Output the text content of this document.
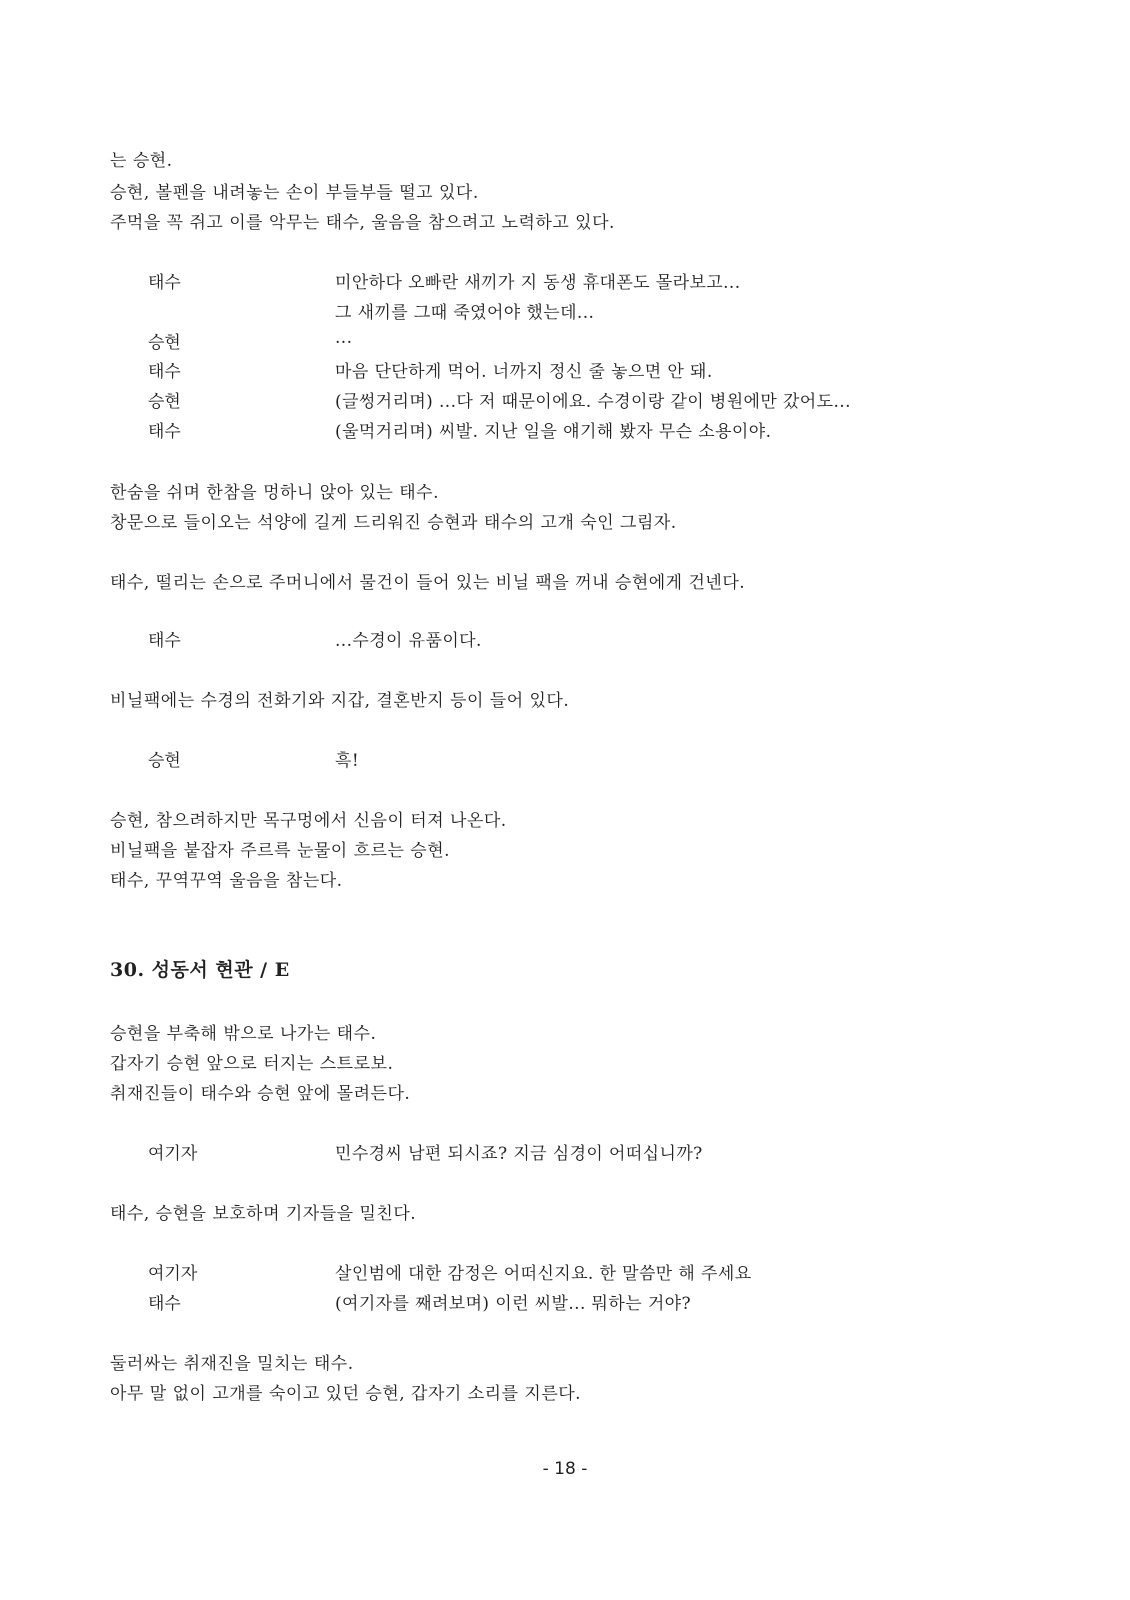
는 승현.
승현, 볼펜을 내려놓는 손이 부들부들 떨고 있다.
주먹을 꼭 쥐고 이를 악무는 태수, 울음을 참으려고 노력하고 있다.
태수	미안하다 오빠란 새끼가 지 동생 휴대폰도 몰라보고...
그 새끼를 그때 죽였어야 했는데...
승현	...
태수	마음 단단하게 먹어. 너까지 정신 줄 놓으면 안 돼.
승현	(글썽거리며) ...다 저 때문이에요. 수경이랑 같이 병원에만 갔어도...
태수	(울먹거리며) 씨발. 지난 일을 얘기해 봤자 무슨 소용이야.
한숨을 쉬며 한참을 멍하니 앉아 있는 태수.
창문으로 들이오는 석양에 길게 드리워진 승현과 태수의 고개 숙인 그림자.
태수, 떨리는 손으로 주머니에서 물건이 들어 있는 비닐 팩을 꺼내 승현에게 건넨다.
태수	...수경이 유품이다.
비닐팩에는 수경의 전화기와 지갑, 결혼반지 등이 들어 있다.
승현	흑!
승현, 참으려하지만 목구멍에서 신음이 터져 나온다.
비닐팩을 붙잡자 주르륵 눈물이 흐르는 승현.
태수, 꾸역꾸역 울음을 참는다.
30. 성동서 현관 / E
승현을 부축해 밖으로 나가는 태수.
갑자기 승현 앞으로 터지는 스트로보.
취재진들이 태수와 승현 앞에 몰려든다.
여기자	민수경씨 남편 되시죠? 지금 심경이 어떠십니까?
태수, 승현을 보호하며 기자들을 밀친다.
여기자	살인범에 대한 감정은 어떠신지요. 한 말씀만 해 주세요
태수	(여기자를 째려보며) 이런 씨발... 뭐하는 거야?
둘러싸는 취재진을 밀치는 태수.
아무 말 없이 고개를 숙이고 있던 승현, 갑자기 소리를 지른다.
- 18 -
